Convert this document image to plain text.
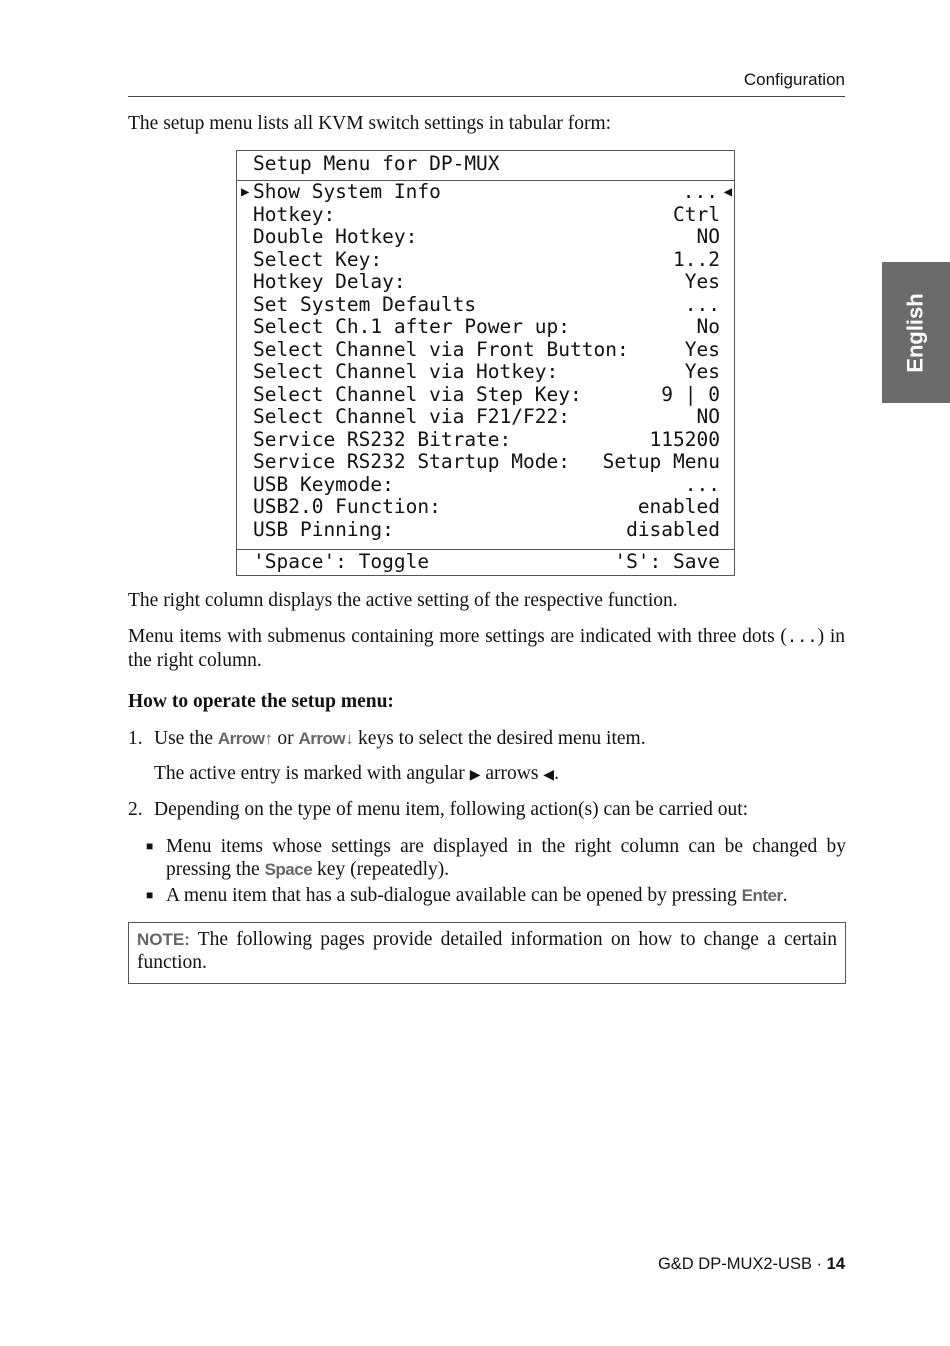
Configuration
English
The setup menu lists all KVM switch settings in tabular form:
Setup Menu for DP-MUX
▶	◀
Show System Info	...
Hotkey:	Ctrl
Double Hotkey:	NO
Select Key:	1..2
Hotkey Delay:	Yes
Set System Defaults	...
Select Ch.1 after Power up:	No
Select Channel via Front Button:	Yes
Select Channel via Hotkey:	Yes
Select Channel via Step Key:	9 | 0
Select Channel via F21/F22:	NO
Service RS232 Bitrate:	115200
Service RS232 Startup Mode: Setup Menu
USB Keymode:	...
USB2.0 Function:	enabled
USB Pinning:	disabled
'Space': Toggle	'S': Save
The right column displays the active setting of the respective function.
Menu items with submenus containing more settings are indicated with three dots (...) in the right column.
How to operate the setup menu:
1. Use the Arrow↑ or Arrow↓ keys to select the desired menu item.
The active entry is marked with angular ▶ arrows ◀.
2. Depending on the type of menu item, following action(s) can be carried out:
■ Menu items whose settings are displayed in the right column can be changed by pressing the Space key (repeatedly).
■ A menu item that has a sub-dialogue available can be opened by pressing Enter.
NOTE: The following pages provide detailed information on how to change a certain function.
G&D DP-MUX2-USB · 14
